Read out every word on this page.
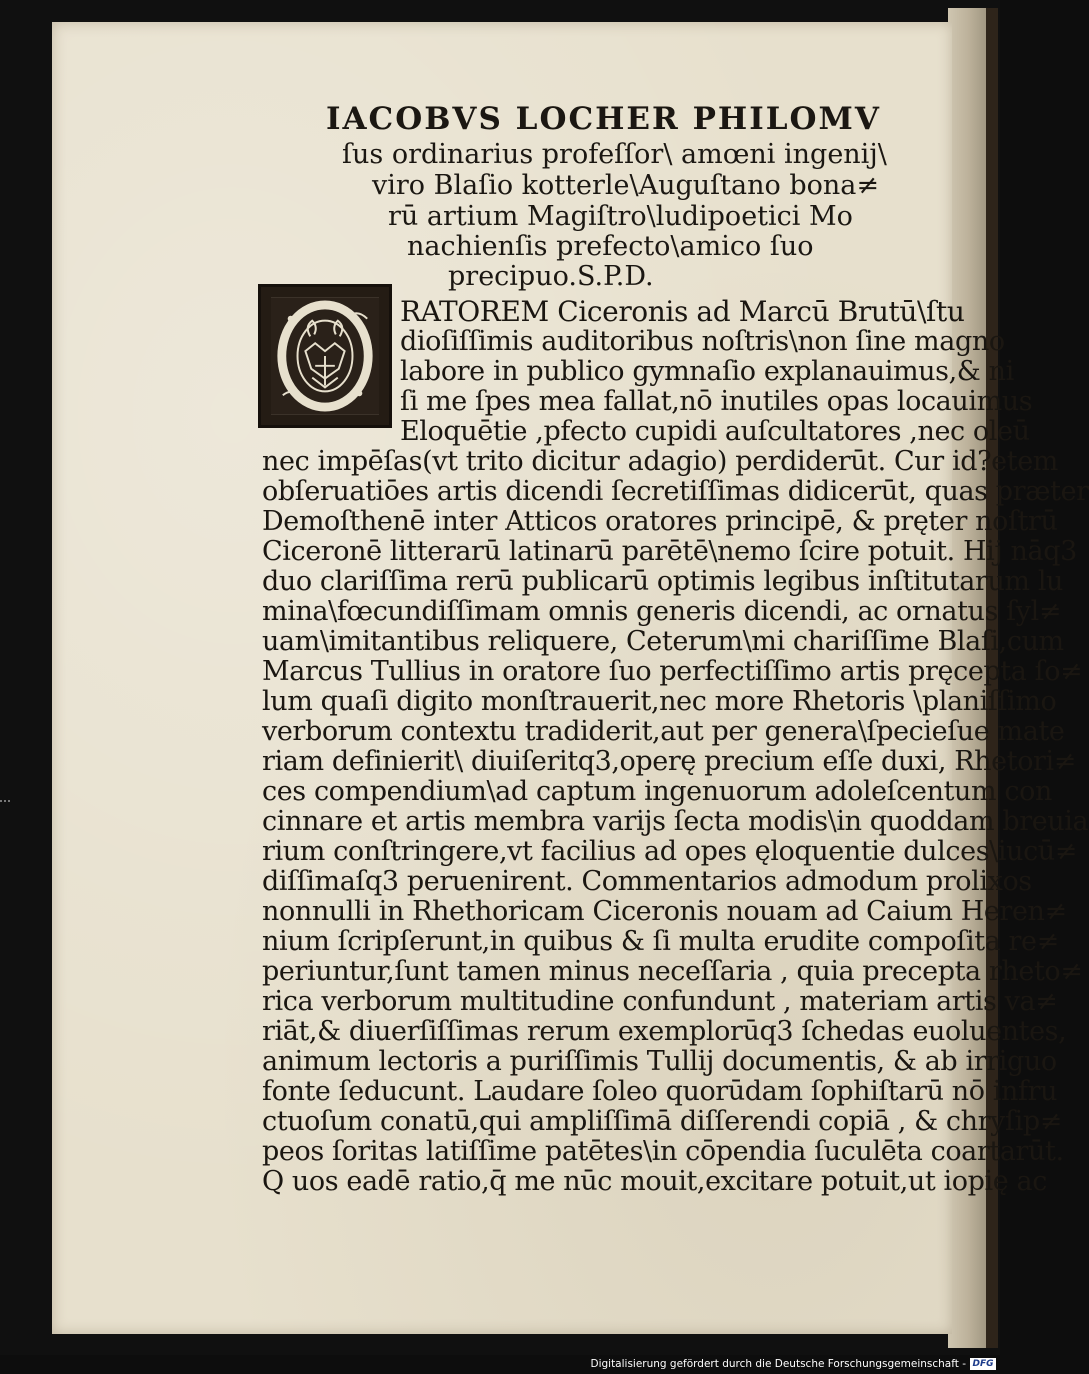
IACOBVS LOCHER PHILOMV
ſus ordinarius profeſſor\ amœni ingenij\
viro Blaſio kotterle\Auguſtano bona≠
rū artium Magiſtro\ludipoetici Mo
nachienſis prefecto\amico ſuo
precipuo.S.P.D.
RATOREM Ciceronis ad Marcū Brutū\ſtu
dioſiſſimis auditoribus noſtris\non ſine magno
labore in publico gymnaſio explanauimus,& ni
ſi me ſpes mea fallat,nō inutiles opas locauimus
Eloquētie ,pfecto cupidi auſcultatores ,nec oleū
nec impēſas(vt trito dicitur adagio) perdiderūt. Cur id?etem
obſeruatiōes artis dicendi ſecretiſſimas didicerūt, quas præter
Demoſthenē inter Atticos oratores principē, & pręter noſtrū
Ciceronē litterarū latinarū parētē\nemo ſcire potuit. Hij nāq3
duo clariſſima rerū publicarū optimis legibus inſtitutarum lu
mina\fœcundiſſimam omnis generis dicendi, ac ornatus ſyl≠
uam\imitantibus reliquere, Ceterum\mi chariſſime Blaſi,cum
Marcus Tullius in oratore ſuo perfectiſſimo artis pręcepta ſo≠
lum quaſi digito monſtrauerit,nec more Rhetoris \planiſſimo
verborum contextu tradiderit,aut per genera\ſpecieſue mate
riam definierit\ diuiſeritq3,operę precium eſſe duxi, Rhetori≠
ces compendium\ad captum ingenuorum adoleſcentum con
cinnare et artis membra varijs ſecta modis\in quoddam breuia
rium conſtringere,vt facilius ad opes ęloquentie dulces\iucū≠
diſſimaſq3 peruenirent. Commentarios admodum prolixos
nonnulli in Rhethoricam Ciceronis nouam ad Caium Heren≠
nium ſcripſerunt,in quibus & ſi multa erudite compoſita re≠
periuntur,ſunt tamen minus neceſſaria , quia precepta rheto≠
rica verborum multitudine confundunt , materiam artis va≠
riāt,& diuerſiſſimas rerum exemplorūq3 ſchedas euoluentes,
animum lectoris a puriſſimis Tullij documentis, & ab irriguo
fonte ſeducunt. Laudare ſoleo quorūdam ſophiſtarū nō infru
ctuoſum conatū,qui ampliſſimā diſſerendi copiā , & chryſip≠
peos ſoritas latiſſime patētes\in cōpendia ſuculēta coartarūt.
Q uos eadē ratio,q̄ me nūc mouit,excitare potuit,ut iopię ac
Digitalisierung gefördert durch die Deutsche Forschungsgemeinschaft - DFG
